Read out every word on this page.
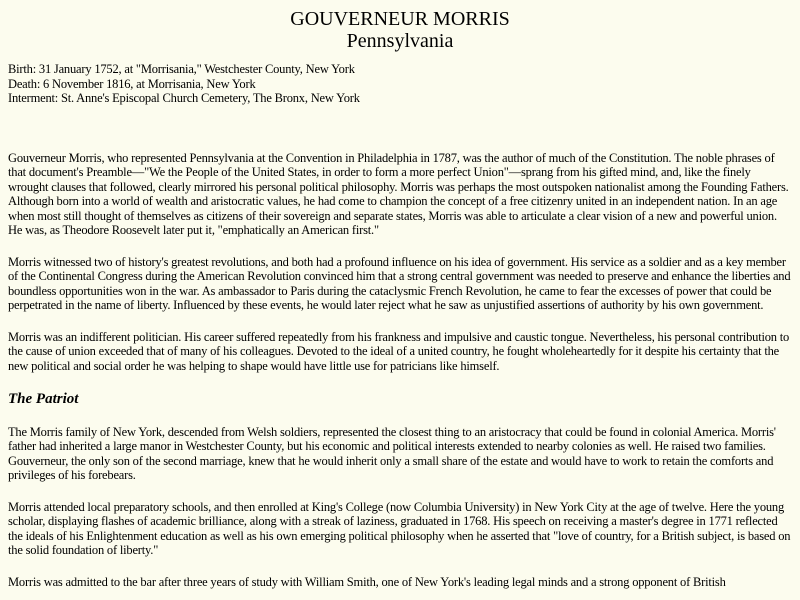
GOUVERNEUR MORRIS
Pennsylvania
Birth: 31 January 1752, at "Morrisania," Westchester County, New York
Death: 6 November 1816, at Morrisania, New York
Interment: St. Anne's Episcopal Church Cemetery, The Bronx, New York

Gouverneur Morris, who represented Pennsylvania at the Convention in Philadelphia in 1787, was the author of much of the Constitution. The noble phrases of that document's Preamble—"We the People of the United States, in order to form a more perfect Union"—sprang from his gifted mind, and, like the finely wrought clauses that followed, clearly mirrored his personal political philosophy. Morris was perhaps the most outspoken nationalist among the Founding Fathers. Although born into a world of wealth and aristocratic values, he had come to champion the concept of a free citizenry united in an independent nation. In an age when most still thought of themselves as citizens of their sovereign and separate states, Morris was able to articulate a clear vision of a new and powerful union. He was, as Theodore Roosevelt later put it, "emphatically an American first."

Morris witnessed two of history's greatest revolutions, and both had a profound influence on his idea of government. His service as a soldier and as a key member of the Continental Congress during the American Revolution convinced him that a strong central government was needed to preserve and enhance the liberties and boundless opportunities won in the war. As ambassador to Paris during the cataclysmic French Revolution, he came to fear the excesses of power that could be perpetrated in the name of liberty. Influenced by these events, he would later reject what he saw as unjustified assertions of authority by his own government.

Morris was an indifferent politician. His career suffered repeatedly from his frankness and impulsive and caustic tongue. Nevertheless, his personal contribution to the cause of union exceeded that of many of his colleagues. Devoted to the ideal of a united country, he fought wholeheartedly for it despite his certainty that the new political and social order he was helping to shape would have little use for patricians like himself.

The Patriot

The Morris family of New York, descended from Welsh soldiers, represented the closest thing to an aristocracy that could be found in colonial America. Morris' father had inherited a large manor in Westchester County, but his economic and political interests extended to nearby colonies as well. He raised two families. Gouverneur, the only son of the second marriage, knew that he would inherit only a small share of the estate and would have to work to retain the comforts and privileges of his forebears.

Morris attended local preparatory schools, and then enrolled at King's College (now Columbia University) in New York City at the age of twelve. Here the young scholar, displaying flashes of academic brilliance, along with a streak of laziness, graduated in 1768. His speech on receiving a master's degree in 1771 reflected the ideals of his Enlightenment education as well as his own emerging political philosophy when he asserted that "love of country, for a British subject, is based on the solid foundation of liberty."

Morris was admitted to the bar after three years of study with William Smith, one of New York's leading legal minds and a strong opponent of British
